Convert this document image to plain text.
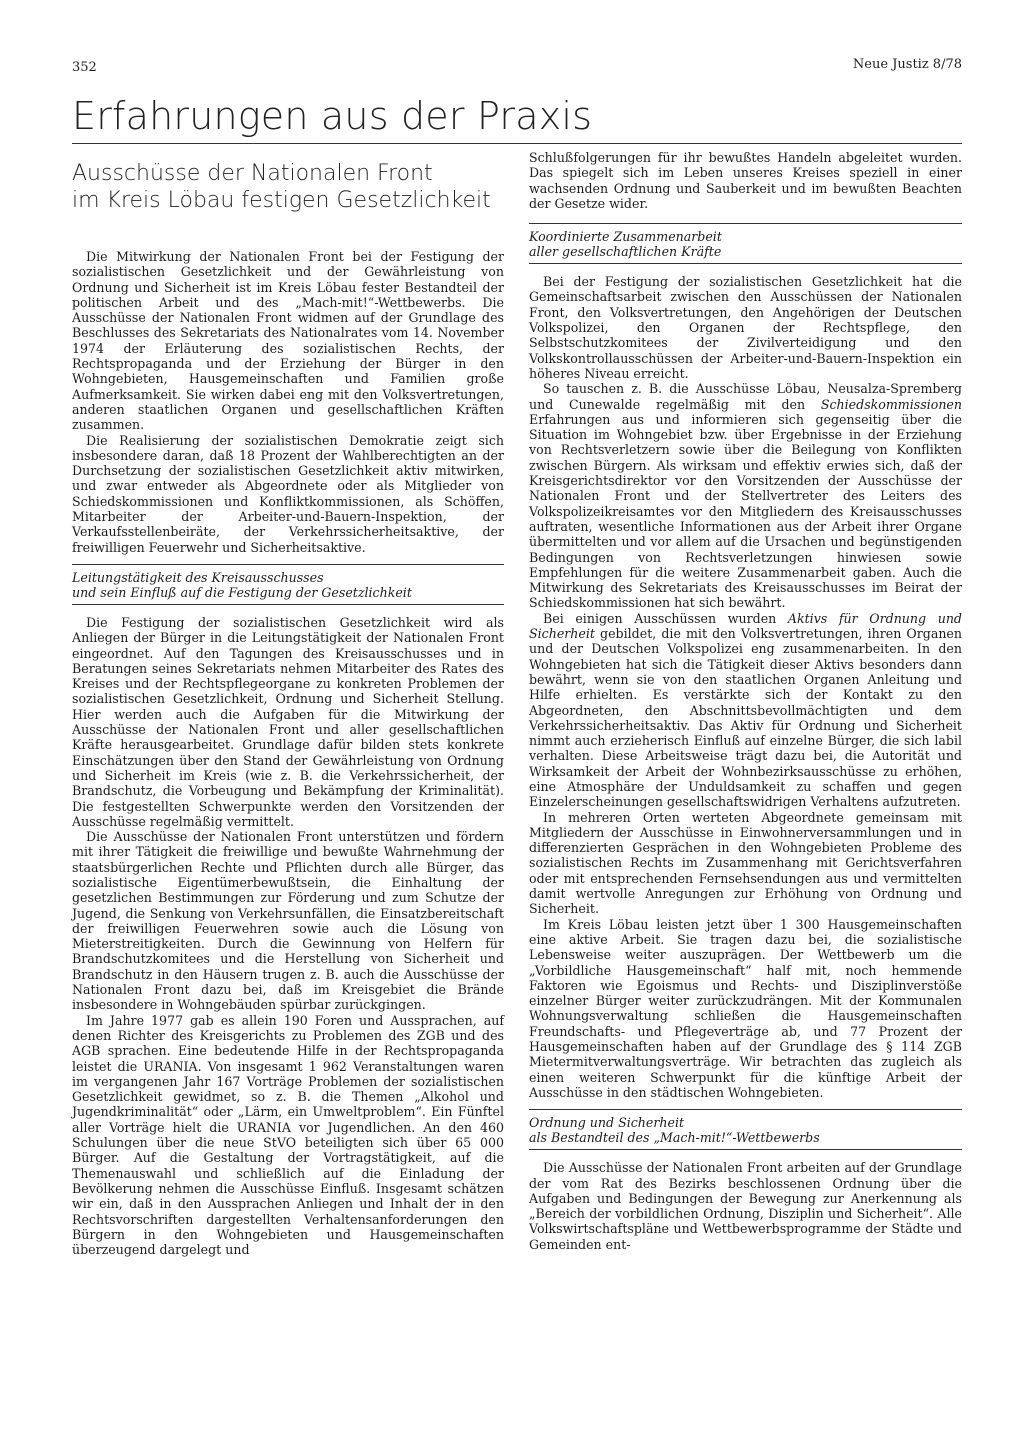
352	Neue Justiz 8/78
Erfahrungen aus der Praxis
Ausschüsse der Nationalen Front
im Kreis Löbau festigen Gesetzlichkeit

Die Mitwirkung der Nationalen Front bei der Festigung der sozialistischen Gesetzlichkeit und der Gewährleistung von Ordnung und Sicherheit ist im Kreis Löbau fester Bestandteil der politischen Arbeit und des „Mach-mit!“-Wettbewerbs. Die Ausschüsse der Nationalen Front widmen auf der Grundlage des Beschlusses des Sekretariats des Nationalrates vom 14. November 1974 der Erläuterung des sozialistischen Rechts, der Rechtspropaganda und der Erziehung der Bürger in den Wohngebieten, Hausgemeinschaften und Familien große Aufmerksamkeit. Sie wirken dabei eng mit den Volksvertretungen, anderen staatlichen Organen und gesellschaftlichen Kräften zusammen.

Die Realisierung der sozialistischen Demokratie zeigt sich insbesondere daran, daß 18 Prozent der Wahlberechtigten an der Durchsetzung der sozialistischen Gesetzlichkeit aktiv mitwirken, und zwar entweder als Abgeordnete oder als Mitglieder von Schiedskommissionen und Konfliktkommissionen, als Schöffen, Mitarbeiter der Arbeiter-und-Bauern-Inspektion, der Verkaufsstellenbeiräte, der Verkehrssicherheitsaktive, der freiwilligen Feuerwehr und Sicherheitsaktive.

Leitungstätigkeit des Kreisausschusses
und sein Einfluß auf die Festigung der Gesetzlichkeit

Die Festigung der sozialistischen Gesetzlichkeit wird als Anliegen der Bürger in die Leitungstätigkeit der Nationalen Front eingeordnet. Auf den Tagungen des Kreisausschusses und in Beratungen seines Sekretariats nehmen Mitarbeiter des Rates des Kreises und der Rechtspflegeorgane zu konkreten Problemen der sozialistischen Gesetzlichkeit, Ordnung und Sicherheit Stellung. Hier werden auch die Aufgaben für die Mitwirkung der Ausschüsse der Nationalen Front und aller gesellschaftlichen Kräfte herausgearbeitet. Grundlage dafür bilden stets konkrete Einschätzungen über den Stand der Gewährleistung von Ordnung und Sicherheit im Kreis (wie z. B. die Verkehrssicherheit, der Brandschutz, die Vorbeugung und Bekämpfung der Kriminalität). Die festgestellten Schwerpunkte werden den Vorsitzenden der Ausschüsse regelmäßig vermittelt.

Die Ausschüsse der Nationalen Front unterstützen und fördern mit ihrer Tätigkeit die freiwillige und bewußte Wahrnehmung der staatsbürgerlichen Rechte und Pflichten durch alle Bürger, das sozialistische Eigentümerbewußtsein, die Einhaltung der gesetzlichen Bestimmungen zur Förderung und zum Schutze der Jugend, die Senkung von Verkehrsunfällen, die Einsatzbereitschaft der freiwilligen Feuerwehren sowie auch die Lösung von Mieterstreitigkeiten. Durch die Gewinnung von Helfern für Brandschutzkomitees und die Herstellung von Sicherheit und Brandschutz in den Häusern trugen z. B. auch die Ausschüsse der Nationalen Front dazu bei, daß im Kreisgebiet die Brände insbesondere in Wohngebäuden spürbar zurückgingen.

Im Jahre 1977 gab es allein 190 Foren und Aussprachen, auf denen Richter des Kreisgerichts zu Problemen des ZGB und des AGB sprachen. Eine bedeutende Hilfe in der Rechtspropaganda leistet die URANIA. Von insgesamt 1 962 Veranstaltungen waren im vergangenen Jahr 167 Vorträge Problemen der sozialistischen Gesetzlichkeit gewidmet, so z. B. die Themen „Alkohol und Jugendkriminalität“ oder „Lärm, ein Umweltproblem“. Ein Fünftel aller Vorträge hielt die URANIA vor Jugendlichen. An den 460 Schulungen über die neue StVO beteiligten sich über 65 000 Bürger. Auf die Gestaltung der Vortragstätigkeit, auf die Themenauswahl und schließlich auf die Einladung der Bevölkerung nehmen die Ausschüsse Einfluß. Insgesamt schätzen wir ein, daß in den Aussprachen Anliegen und Inhalt der in den Rechtsvorschriften dargestellten Verhaltensanforderungen den Bürgern in den Wohngebieten und Hausgemeinschaften überzeugend dargelegt und

Schlußfolgerungen für ihr bewußtes Handeln abgeleitet wurden. Das spiegelt sich im Leben unseres Kreises speziell in einer wachsenden Ordnung und Sauberkeit und im bewußten Beachten der Gesetze wider.

Koordinierte Zusammenarbeit
aller gesellschaftlichen Kräfte

Bei der Festigung der sozialistischen Gesetzlichkeit hat die Gemeinschaftsarbeit zwischen den Ausschüssen der Nationalen Front, den Volksvertretungen, den Angehörigen der Deutschen Volkspolizei, den Organen der Rechtspflege, den Selbstschutzkomitees der Zivilverteidigung und den Volkskontrollausschüssen der Arbeiter-und-Bauern-Inspektion ein höheres Niveau erreicht.

So tauschen z. B. die Ausschüsse Löbau, Neusalza-Spremberg und Cunewalde regelmäßig mit den Schiedskommissionen Erfahrungen aus und informieren sich gegenseitig über die Situation im Wohngebiet bzw. über Ergebnisse in der Erziehung von Rechtsverletzern sowie über die Beilegung von Konflikten zwischen Bürgern. Als wirksam und effektiv erwies sich, daß der Kreisgerichtsdirektor vor den Vorsitzenden der Ausschüsse der Nationalen Front und der Stellvertreter des Leiters des Volkspolizeikreisamtes vor den Mitgliedern des Kreisausschusses auftraten, wesentliche Informationen aus der Arbeit ihrer Organe übermittelten und vor allem auf die Ursachen und begünstigenden Bedingungen von Rechtsverletzungen hinwiesen sowie Empfehlungen für die weitere Zusammenarbeit gaben. Auch die Mitwirkung des Sekretariats des Kreisausschusses im Beirat der Schiedskommissionen hat sich bewährt.

Bei einigen Ausschüssen wurden Aktivs für Ordnung und Sicherheit gebildet, die mit den Volksvertretungen, ihren Organen und der Deutschen Volkspolizei eng zusammenarbeiten. In den Wohngebieten hat sich die Tätigkeit dieser Aktivs besonders dann bewährt, wenn sie von den staatlichen Organen Anleitung und Hilfe erhielten. Es verstärkte sich der Kontakt zu den Abgeordneten, den Abschnittsbevollmächtigten und dem Verkehrssicherheitsaktiv. Das Aktiv für Ordnung und Sicherheit nimmt auch erzieherisch Einfluß auf einzelne Bürger, die sich labil verhalten. Diese Arbeitsweise trägt dazu bei, die Autorität und Wirksamkeit der Arbeit der Wohnbezirksausschüsse zu erhöhen, eine Atmosphäre der Unduldsamkeit zu schaffen und gegen Einzelerscheinungen gesellschaftswidrigen Verhaltens aufzutreten.

In mehreren Orten werteten Abgeordnete gemeinsam mit Mitgliedern der Ausschüsse in Einwohnerversammlungen und in differenzierten Gesprächen in den Wohngebieten Probleme des sozialistischen Rechts im Zusammenhang mit Gerichtsverfahren oder mit entsprechenden Fernsehsendungen aus und vermittelten damit wertvolle Anregungen zur Erhöhung von Ordnung und Sicherheit.

Im Kreis Löbau leisten jetzt über 1 300 Hausgemeinschaften eine aktive Arbeit. Sie tragen dazu bei, die sozialistische Lebensweise weiter auszuprägen. Der Wettbewerb um die „Vorbildliche Hausgemeinschaft“ half mit, noch hemmende Faktoren wie Egoismus und Rechts- und Disziplinverstöße einzelner Bürger weiter zurückzudrängen. Mit der Kommunalen Wohnungsverwaltung schließen die Hausgemeinschaften Freundschafts- und Pflegeverträge ab, und 77 Prozent der Hausgemeinschaften haben auf der Grundlage des § 114 ZGB Mietermitverwaltungsverträge. Wir betrachten das zugleich als einen weiteren Schwerpunkt für die künftige Arbeit der Ausschüsse in den städtischen Wohngebieten.

Ordnung und Sicherheit
als Bestandteil des „Mach-mit!“-Wettbewerbs

Die Ausschüsse der Nationalen Front arbeiten auf der Grundlage der vom Rat des Bezirks beschlossenen Ordnung über die Aufgaben und Bedingungen der Bewegung zur Anerkennung als „Bereich der vorbildlichen Ordnung, Disziplin und Sicherheit“. Alle Volkswirtschaftspläne und Wettbewerbsprogramme der Städte und Gemeinden ent-
